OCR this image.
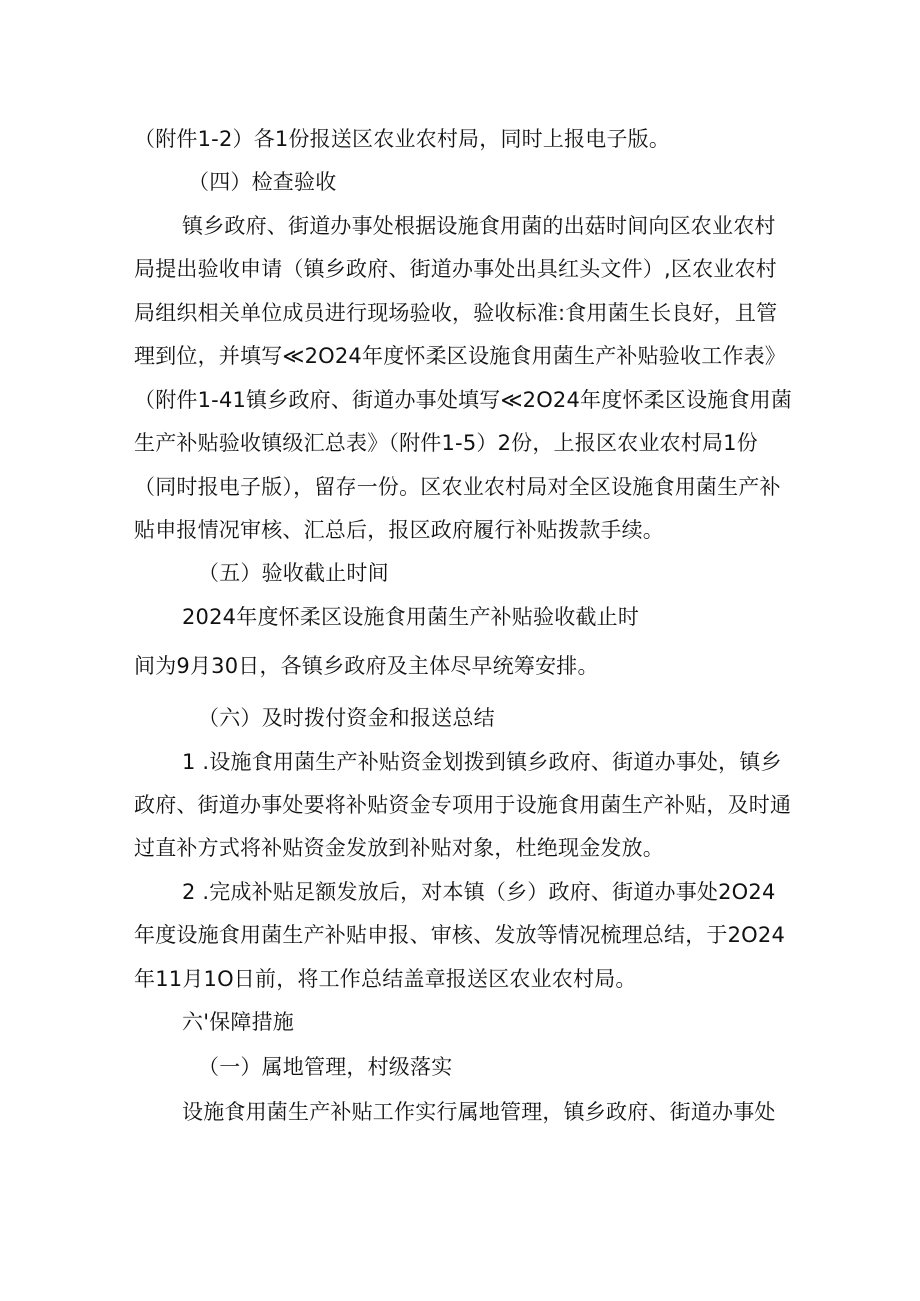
（附件1-2）各1份报送区农业农村局，同时上报电子版。
（四）检查验收
镇乡政府、街道办事处根据设施食用菌的出菇时间向区农业农村
局提出验收申请（镇乡政府、街道办事处出具红头文件）,区农业农村
局组织相关单位成员进行现场验收，验收标准:食用菌生长良好，且管
理到位，并填写≪2O24年度怀柔区设施食用菌生产补贴验收工作表》
（附件1-41镇乡政府、街道办事处填写≪2O24年度怀柔区设施食用菌
生产补贴验收镇级汇总表》（附件1-5）2份，上报区农业农村局1份
（同时报电子版），留存一份。区农业农村局对全区设施食用菌生产补
贴申报情况审核、汇总后，报区政府履行补贴拨款手续。
（五）验收截止时间
2024年度怀柔区设施食用菌生产补贴验收截止时
间为9月30日，各镇乡政府及主体尽早统筹安排。
（六）及时拨付资金和报送总结
1 .设施食用菌生产补贴资金划拨到镇乡政府、街道办事处，镇乡
政府、街道办事处要将补贴资金专项用于设施食用菌生产补贴，及时通
过直补方式将补贴资金发放到补贴对象，杜绝现金发放。
2 .完成补贴足额发放后，对本镇（乡）政府、街道办事处2O24
年度设施食用菌生产补贴申报、审核、发放等情况梳理总结，于2O24
年11月1O日前，将工作总结盖章报送区农业农村局。
六'保障措施
（一）属地管理，村级落实
设施食用菌生产补贴工作实行属地管理，镇乡政府、街道办事处
